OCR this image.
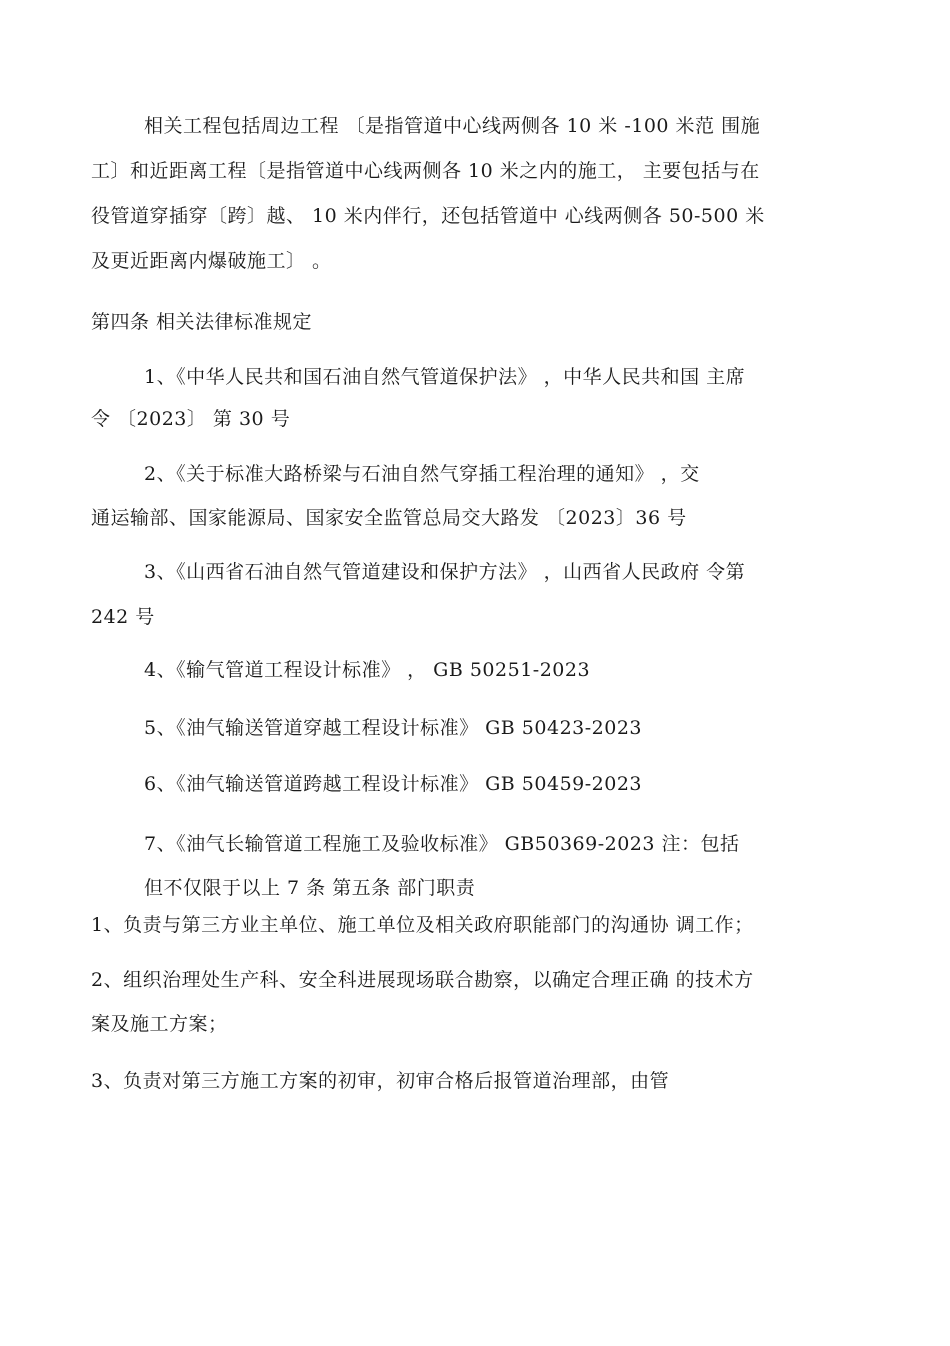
相关工程包括周边工程 〔是指管道中心线两侧各 10 米 -100 米范 围施
工〕和近距离工程〔是指管道中心线两侧各 10 米之内的施工， 主要包括与在
役管道穿插穿〔跨〕越、 10 米内伴行，还包括管道中 心线两侧各 50-500 米
及更近距离内爆破施工〕 。
第四条 相关法律标准规定
1、《中华人民共和国石油自然气管道保护法》 ，中华人民共和国 主席
令 〔2023〕 第 30 号
2、《关于标准大路桥梁与石油自然气穿插工程治理的通知》 ，交
通运输部、国家能源局、国家安全监管总局交大路发 〔2023〕36 号
3、《山西省石油自然气管道建设和保护方法》 ，山西省人民政府 令第
242 号
4、《输气管道工程设计标准》 ， GB 50251-2023
5、《油气输送管道穿越工程设计标准》 GB 50423-2023
6、《油气输送管道跨越工程设计标准》 GB 50459-2023
7、《油气长输管道工程施工及验收标准》 GB50369-2023 注：包括
但不仅限于以上 7 条 第五条 部门职责
1、负责与第三方业主单位、施工单位及相关政府职能部门的沟通协 调工作；
2、组织治理处生产科、安全科进展现场联合勘察，以确定合理正确 的技术方
案及施工方案；
3、负责对第三方施工方案的初审，初审合格后报管道治理部，由管
